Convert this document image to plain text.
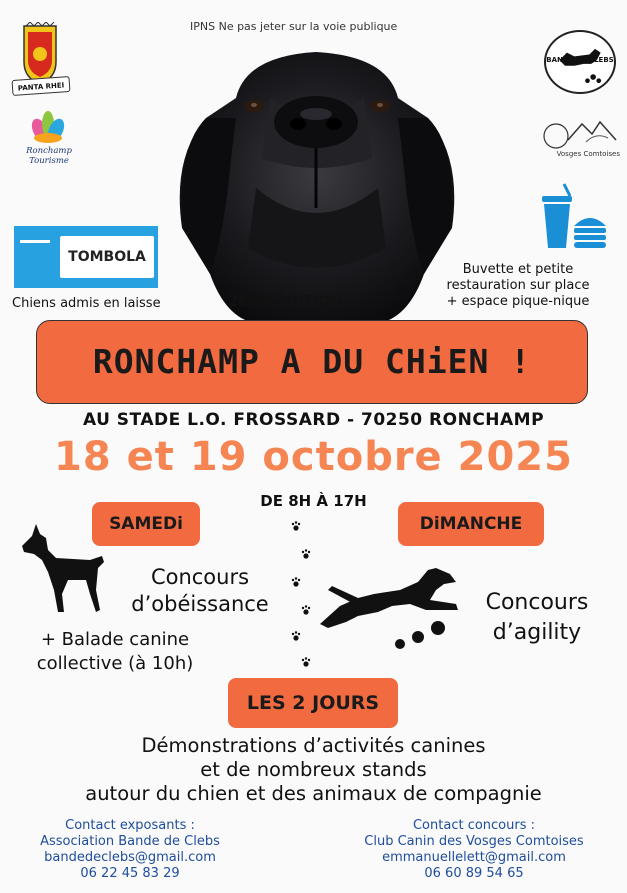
IPNS Ne pas jeter sur la voie publique
PANTA RHEI
Ronchamp Tourisme
BANDE DE CLEBS
Vosges Comtoises
TOMBOLA
Chiens admis en laisse
Buvette et petite
restauration sur place
+ espace pique-nique
2ÈME ÉDITION
RONCHAMP A DU CHiEN !
AU STADE L.O. FROSSARD - 70250 RONCHAMP
18 et 19 octobre 2025
DE 8H À 17H
SAMEDi	DiMANCHE
Concours
d’obéissance
+ Balade canine
collective (à 10h)
Concours
d’agility
LES 2 JOURS
Démonstrations d’activités canines
et de nombreux stands
autour du chien et des animaux de compagnie
Contact exposants :
Association Bande de Clebs
bandedeclebs@gmail.com
06 22 45 83 29
Contact concours :
Club Canin des Vosges Comtoises
emmanuellelett@gmail.com
06 60 89 54 65
